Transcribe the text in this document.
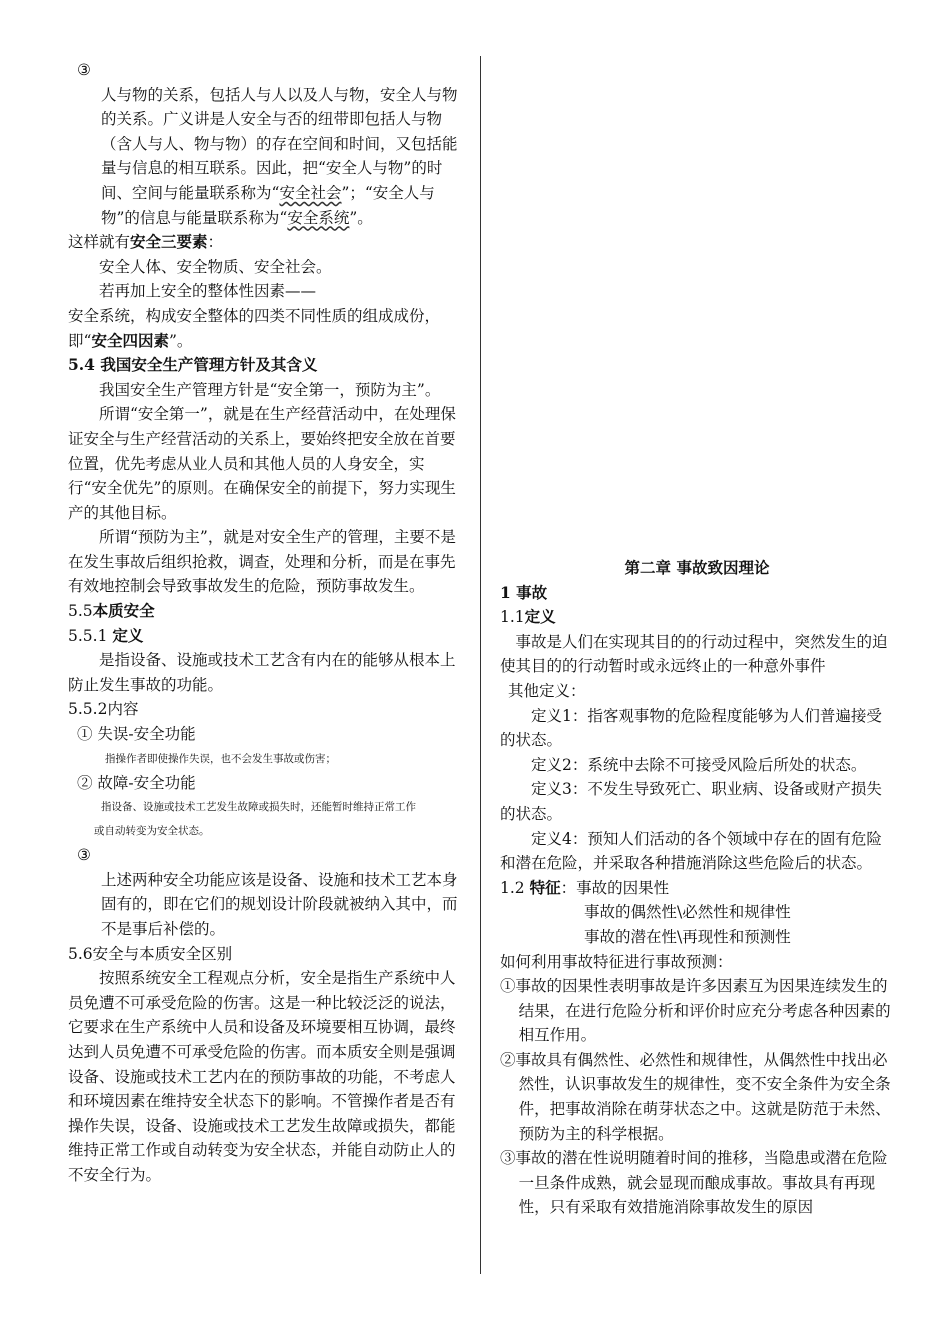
③

人与物的关系，包括人与人以及人与物，安全人与物的关系。广义讲是人安全与否的纽带即包括人与物（含人与人、物与物）的存在空间和时间，又包括能量与信息的相互联系。因此，把“安全人与物”的时间、空间与能量联系称为“安全社会”；“安全人与物”的信息与能量联系称为“安全系统”。

这样就有安全三要素：

安全人体、安全物质、安全社会。

若再加上安全的整体性因素——

安全系统，构成安全整体的四类不同性质的组成成份，即“安全四因素”。

5.4 我国安全生产管理方针及其含义

我国安全生产管理方针是“安全第一，预防为主”。

所谓“安全第一”，就是在生产经营活动中，在处理保证安全与生产经营活动的关系上，要始终把安全放在首要位置，优先考虑从业人员和其他人员的人身安全，实行“安全优先”的原则。在确保安全的前提下，努力实现生产的其他目标。

所谓“预防为主”，就是对安全生产的管理，主要不是在发生事故后组织抢救，调查，处理和分析，而是在事先有效地控制会导致事故发生的危险，预防事故发生。

5.5本质安全

5.5.1 定义

是指设备、设施或技术工艺含有内在的能够从根本上防止发生事故的功能。

5.5.2内容

① 失误-安全功能

指操作者即使操作失误，也不会发生事故或伤害；

② 故障-安全功能

指设备、设施或技术工艺发生故障或损失时，还能暂时维持正常工作

或自动转变为安全状态。

③

上述两种安全功能应该是设备、设施和技术工艺本身固有的，即在它们的规划设计阶段就被纳入其中，而不是事后补偿的。

5.6安全与本质安全区别

按照系统安全工程观点分析，安全是指生产系统中人员免遭不可承受危险的伤害。这是一种比较泛泛的说法，它要求在生产系统中人员和设备及环境要相互协调，最终达到人员免遭不可承受危险的伤害。而本质安全则是强调设备、设施或技术工艺内在的预防事故的功能，不考虑人和环境因素在维持安全状态下的影响。不管操作者是否有操作失误，设备、设施或技术工艺发生故障或损失，都能维持正常工作或自动转变为安全状态，并能自动防止人的不安全行为。

第二章 事故致因理论

1 事故

1.1定义

事故是人们在实现其目的的行动过程中，突然发生的迫使其目的的行动暂时或永远终止的一种意外事件

其他定义：

定义1：指客观事物的危险程度能够为人们普遍接受的状态。

定义2：系统中去除不可接受风险后所处的状态。

定义3：不发生导致死亡、职业病、设备或财产损失的状态。

定义4：预知人们活动的各个领域中存在的固有危险和潜在危险，并采取各种措施消除这些危险后的状态。

1.2 特征：事故的因果性

事故的偶然性\必然性和规律性

事故的潜在性\再现性和预测性

如何利用事故特征进行事故预测：

①事故的因果性表明事故是许多因素互为因果连续发生的结果，在进行危险分析和评价时应充分考虑各种因素的相互作用。

②事故具有偶然性、必然性和规律性，从偶然性中找出必然性，认识事故发生的规律性，变不安全条件为安全条件，把事故消除在萌芽状态之中。这就是防范于未然、预防为主的科学根据。

③事故的潜在性说明随着时间的推移，当隐患或潜在危险一旦条件成熟，就会显现而酿成事故。事故具有再现性，只有采取有效措施消除事故发生的原因
